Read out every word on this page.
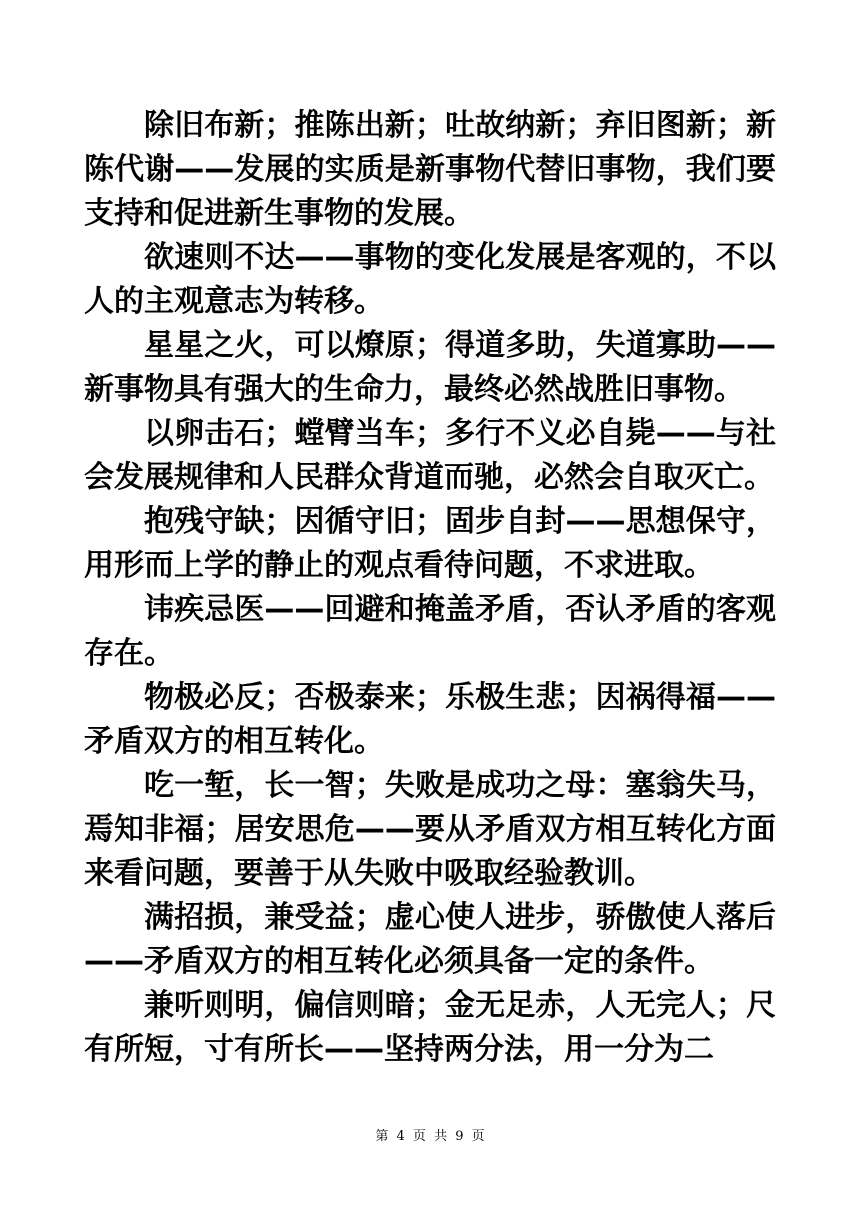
除旧布新；推陈出新；吐故纳新；弃旧图新；新陈代谢——发展的实质是新事物代替旧事物，我们要支持和促进新生事物的发展。

欲速则不达——事物的变化发展是客观的，不以人的主观意志为转移。

星星之火，可以燎原；得道多助，失道寡助——新事物具有强大的生命力，最终必然战胜旧事物。

以卵击石；螳臂当车；多行不义必自毙——与社会发展规律和人民群众背道而驰，必然会自取灭亡。

抱残守缺；因循守旧；固步自封——思想保守，用形而上学的静止的观点看待问题，不求进取。

讳疾忌医——回避和掩盖矛盾，否认矛盾的客观存在。

物极必反；否极泰来；乐极生悲；因祸得福——矛盾双方的相互转化。

吃一堑，长一智；失败是成功之母：塞翁失马，焉知非福；居安思危——要从矛盾双方相互转化方面来看问题，要善于从失败中吸取经验教训。

满招损，兼受益；虚心使人进步，骄傲使人落后——矛盾双方的相互转化必须具备一定的条件。

兼听则明，偏信则暗；金无足赤，人无完人；尺有所短，寸有所长——坚持两分法，用一分为二

第 4 页 共 9 页
